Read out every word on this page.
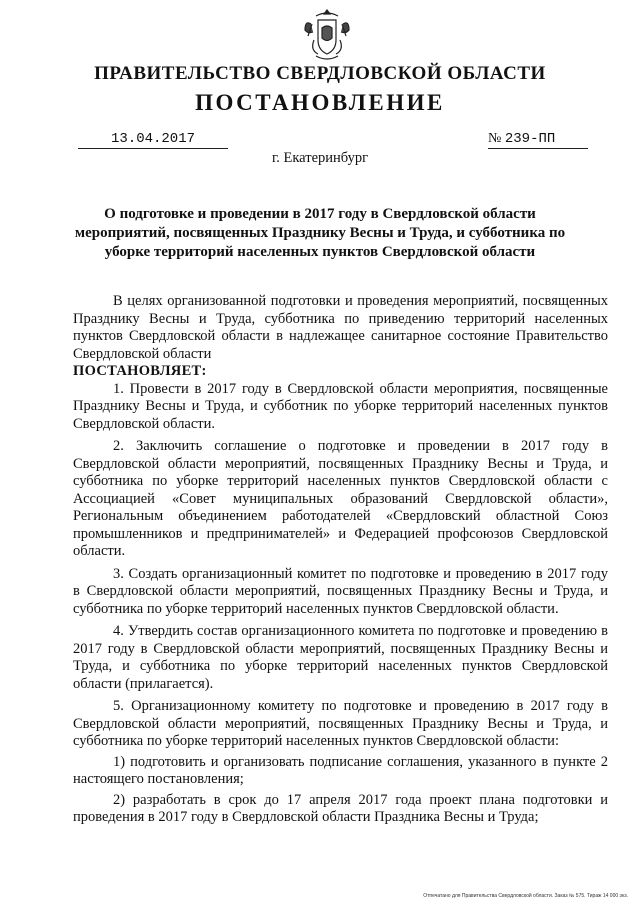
ПРАВИТЕЛЬСТВО СВЕРДЛОВСКОЙ ОБЛАСТИ
ПОСТАНОВЛЕНИЕ
13.04.2017	№ 239-ПП
г. Екатеринбург
О подготовке и проведении в 2017 году в Свердловской области мероприятий, посвященных Празднику Весны и Труда, и субботника по уборке территорий населенных пунктов Свердловской области

В целях организованной подготовки и проведения мероприятий, посвященных Празднику Весны и Труда, субботника по приведению территорий населенных пунктов Свердловской области в надлежащее санитарное состояние Правительство Свердловской области

ПОСТАНОВЛЯЕТ:

1. Провести в 2017 году в Свердловской области мероприятия, посвященные Празднику Весны и Труда, и субботник по уборке территорий населенных пунктов Свердловской области.

2. Заключить соглашение о подготовке и проведении в 2017 году в Свердловской области мероприятий, посвященных Празднику Весны и Труда, и субботника по уборке территорий населенных пунктов Свердловской области с Ассоциацией «Совет муниципальных образований Свердловской области», Региональным объединением работодателей «Свердловский областной Союз промышленников и предпринимателей» и Федерацией профсоюзов Свердловской области.

3. Создать организационный комитет по подготовке и проведению в 2017 году в Свердловской области мероприятий, посвященных Празднику Весны и Труда, и субботника по уборке территорий населенных пунктов Свердловской области.

4. Утвердить состав организационного комитета по подготовке и проведению в 2017 году в Свердловской области мероприятий, посвященных Празднику Весны и Труда, и субботника по уборке территорий населенных пунктов Свердловской области (прилагается).

5. Организационному комитету по подготовке и проведению в 2017 году в Свердловской области мероприятий, посвященных Празднику Весны и Труда, и субботника по уборке территорий населенных пунктов Свердловской области:

1) подготовить и организовать подписание соглашения, указанного в пункте 2 настоящего постановления;

2) разработать в срок до 17 апреля 2017 года проект плана подготовки и проведения в 2017 году в Свердловской области Праздника Весны и Труда;

Отпечатано для Правительства Свердловской области. Заказ № 575. Тираж 14 000 экз.
